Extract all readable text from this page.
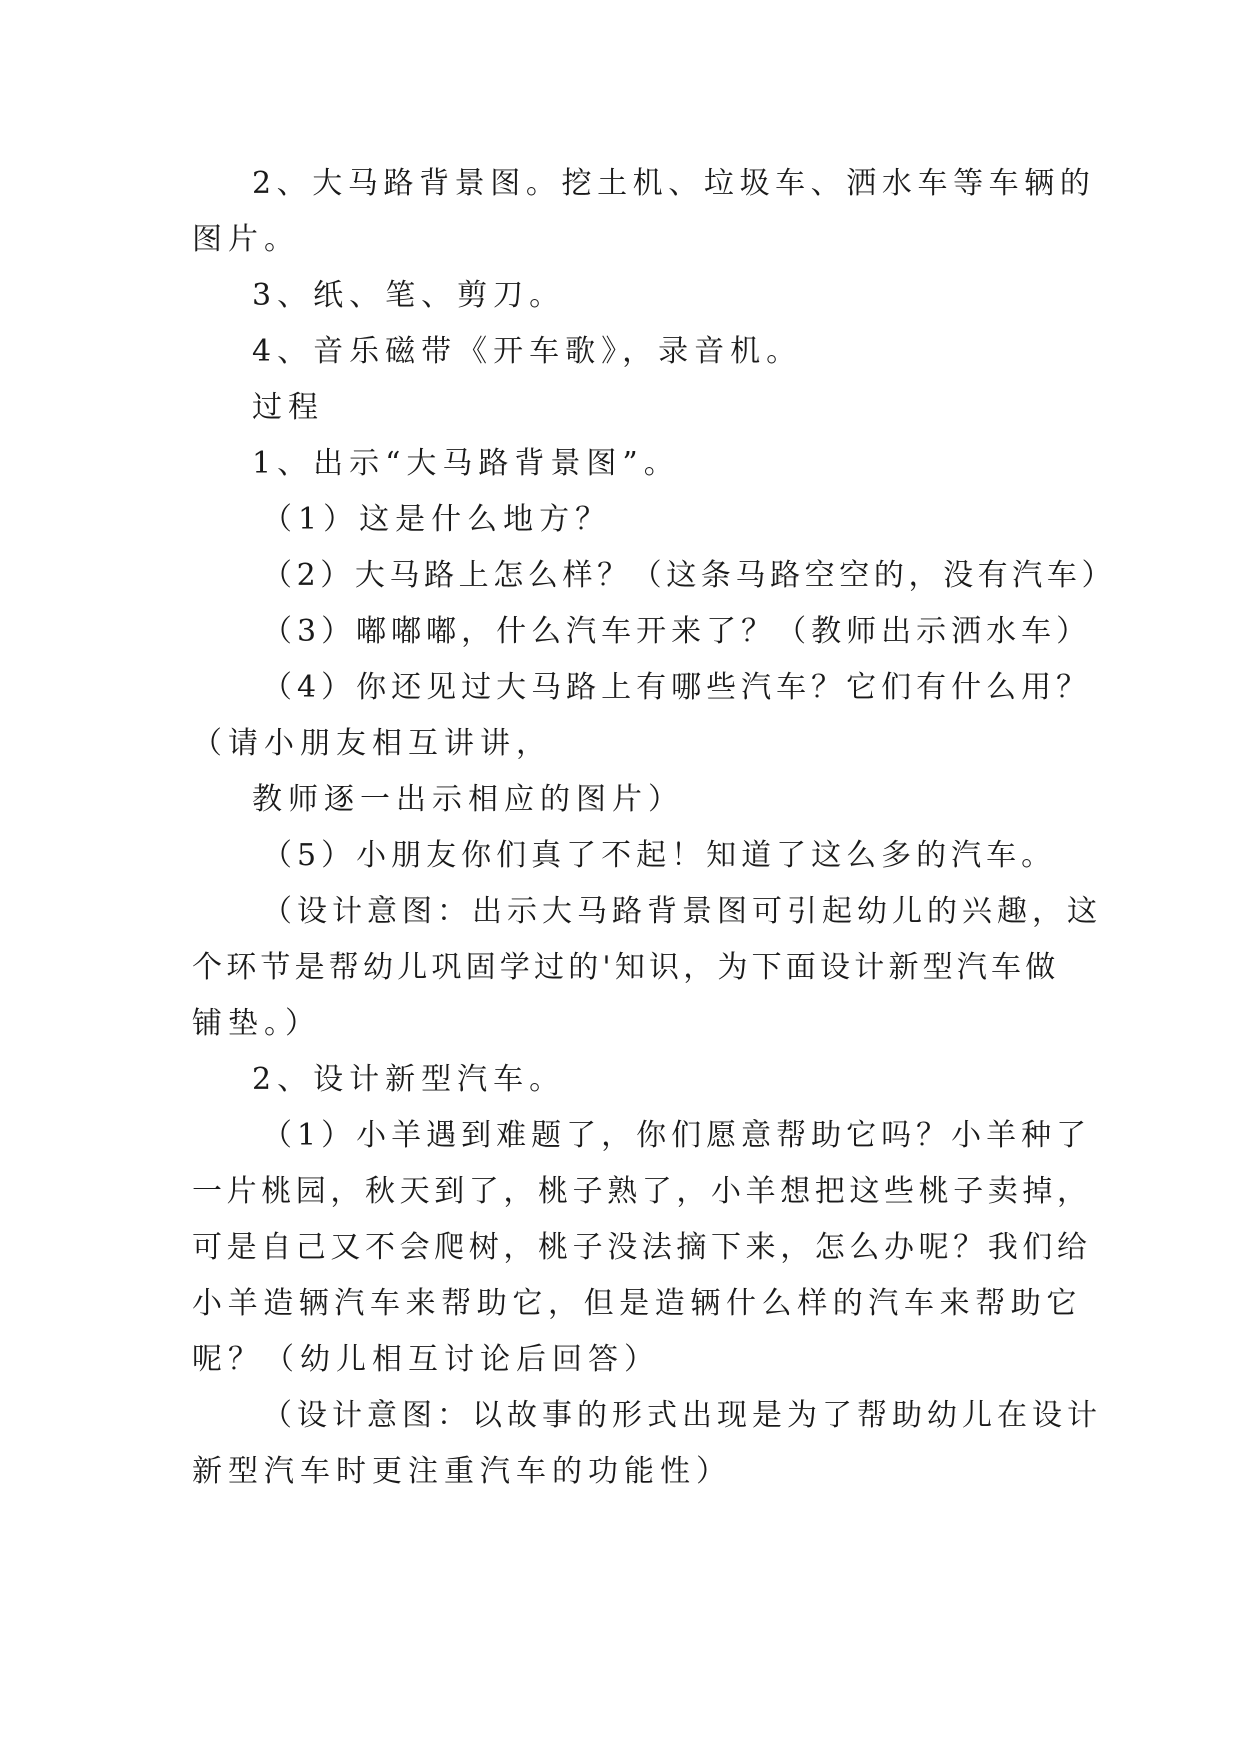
2、大马路背景图。挖土机、垃圾车、洒水车等车辆的
图片。
3、纸、笔、剪刀。
4、音乐磁带《开车歌》，录音机。
过程
1、出示“大马路背景图”。
（1）这是什么地方？
（2）大马路上怎么样？（这条马路空空的，没有汽车）
（3）嘟嘟嘟，什么汽车开来了？（教师出示洒水车）
（4）你还见过大马路上有哪些汽车？它们有什么用？
（请小朋友相互讲讲，
教师逐一出示相应的图片）
（5）小朋友你们真了不起！知道了这么多的汽车。
（设计意图：出示大马路背景图可引起幼儿的兴趣，这
个环节是帮幼儿巩固学过的'知识，为下面设计新型汽车做
铺垫。）
2、设计新型汽车。
（1）小羊遇到难题了，你们愿意帮助它吗？小羊种了
一片桃园，秋天到了，桃子熟了，小羊想把这些桃子卖掉，
可是自己又不会爬树，桃子没法摘下来，怎么办呢？我们给
小羊造辆汽车来帮助它，但是造辆什么样的汽车来帮助它
呢？（幼儿相互讨论后回答）
（设计意图：以故事的形式出现是为了帮助幼儿在设计
新型汽车时更注重汽车的功能性）
